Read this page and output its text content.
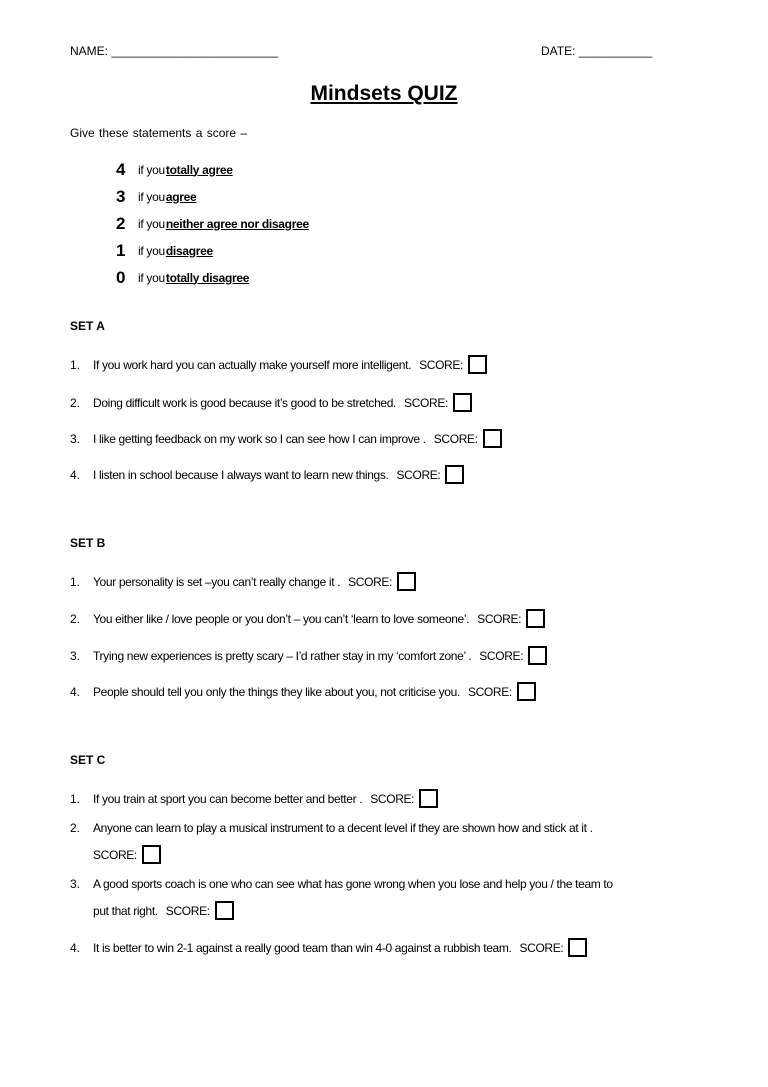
NAME: _________________________	DATE: ___________
Mindsets QUIZ
Give these statements a score –
4	if you totally agree
3	if you agree
2	if you neither agree nor disagree
1	if you disagree
0	if you totally disagree
SET A
1. If you work hard you can actually make yourself more intelligent. SCORE:
2. Doing difficult work is good because it’s good to be stretched. SCORE:
3. I like getting feedback on my work so I can see how I can improve . SCORE:
4. I listen in school because I always want to learn new things. SCORE:
SET B
1. Your personality is set –you can’t really change it . SCORE:
2. You either like / love people or you don’t – you can’t ‘learn to love someone’. SCORE:
3. Trying new experiences is pretty scary – I’d rather stay in my ‘comfort zone’ . SCORE:
4. People should tell you only the things they like about you, not criticise you. SCORE:
SET C
1. If you train at sport you can become better and better . SCORE:
2. Anyone can learn to play a musical instrument to a decent level if they are shown how and stick at it .
SCORE:
3. A good sports coach is one who can see what has gone wrong when you lose and help you / the team to
put that right. SCORE:
4. It is better to win 2-1 against a really good team than win 4-0 against a rubbish team. SCORE:
